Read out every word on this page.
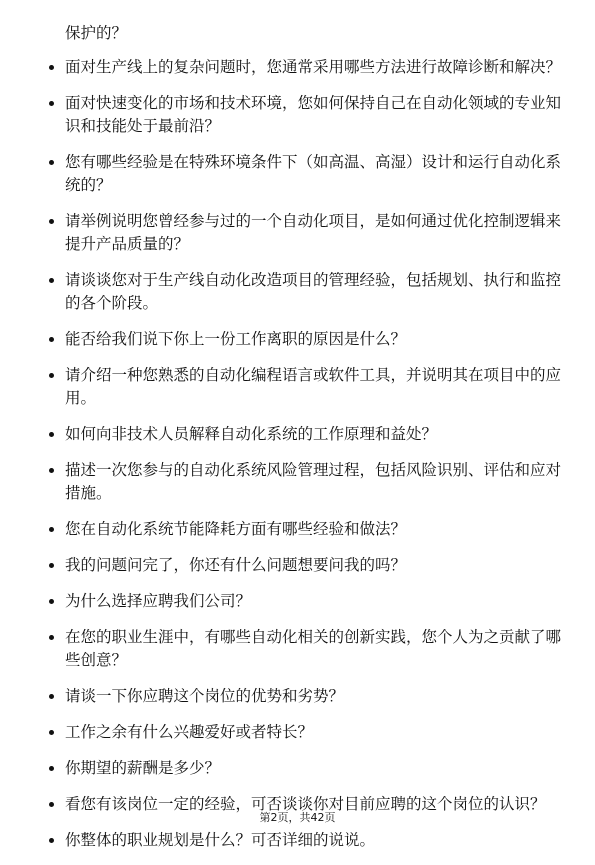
保护的？

面对生产线上的复杂问题时，您通常采用哪些方法进行故障诊断和解决？
面对快速变化的市场和技术环境，您如何保持自己在自动化领域的专业知识和技能处于最前沿？
您有哪些经验是在特殊环境条件下（如高温、高湿）设计和运行自动化系统的？
请举例说明您曾经参与过的一个自动化项目，是如何通过优化控制逻辑来提升产品质量的？
请谈谈您对于生产线自动化改造项目的管理经验，包括规划、执行和监控的各个阶段。
能否给我们说下你上一份工作离职的原因是什么？
请介绍一种您熟悉的自动化编程语言或软件工具，并说明其在项目中的应用。
如何向非技术人员解释自动化系统的工作原理和益处？
描述一次您参与的自动化系统风险管理过程，包括风险识别、评估和应对措施。
您在自动化系统节能降耗方面有哪些经验和做法？
我的问题问完了，你还有什么问题想要问我的吗？
为什么选择应聘我们公司？
在您的职业生涯中，有哪些自动化相关的创新实践，您个人为之贡献了哪些创意？
请谈一下你应聘这个岗位的优势和劣势？
工作之余有什么兴趣爱好或者特长？
你期望的薪酬是多少？
看您有该岗位一定的经验，可否谈谈你对目前应聘的这个岗位的认识？
你整体的职业规划是什么？可否详细的说说。
第2页，共42页
